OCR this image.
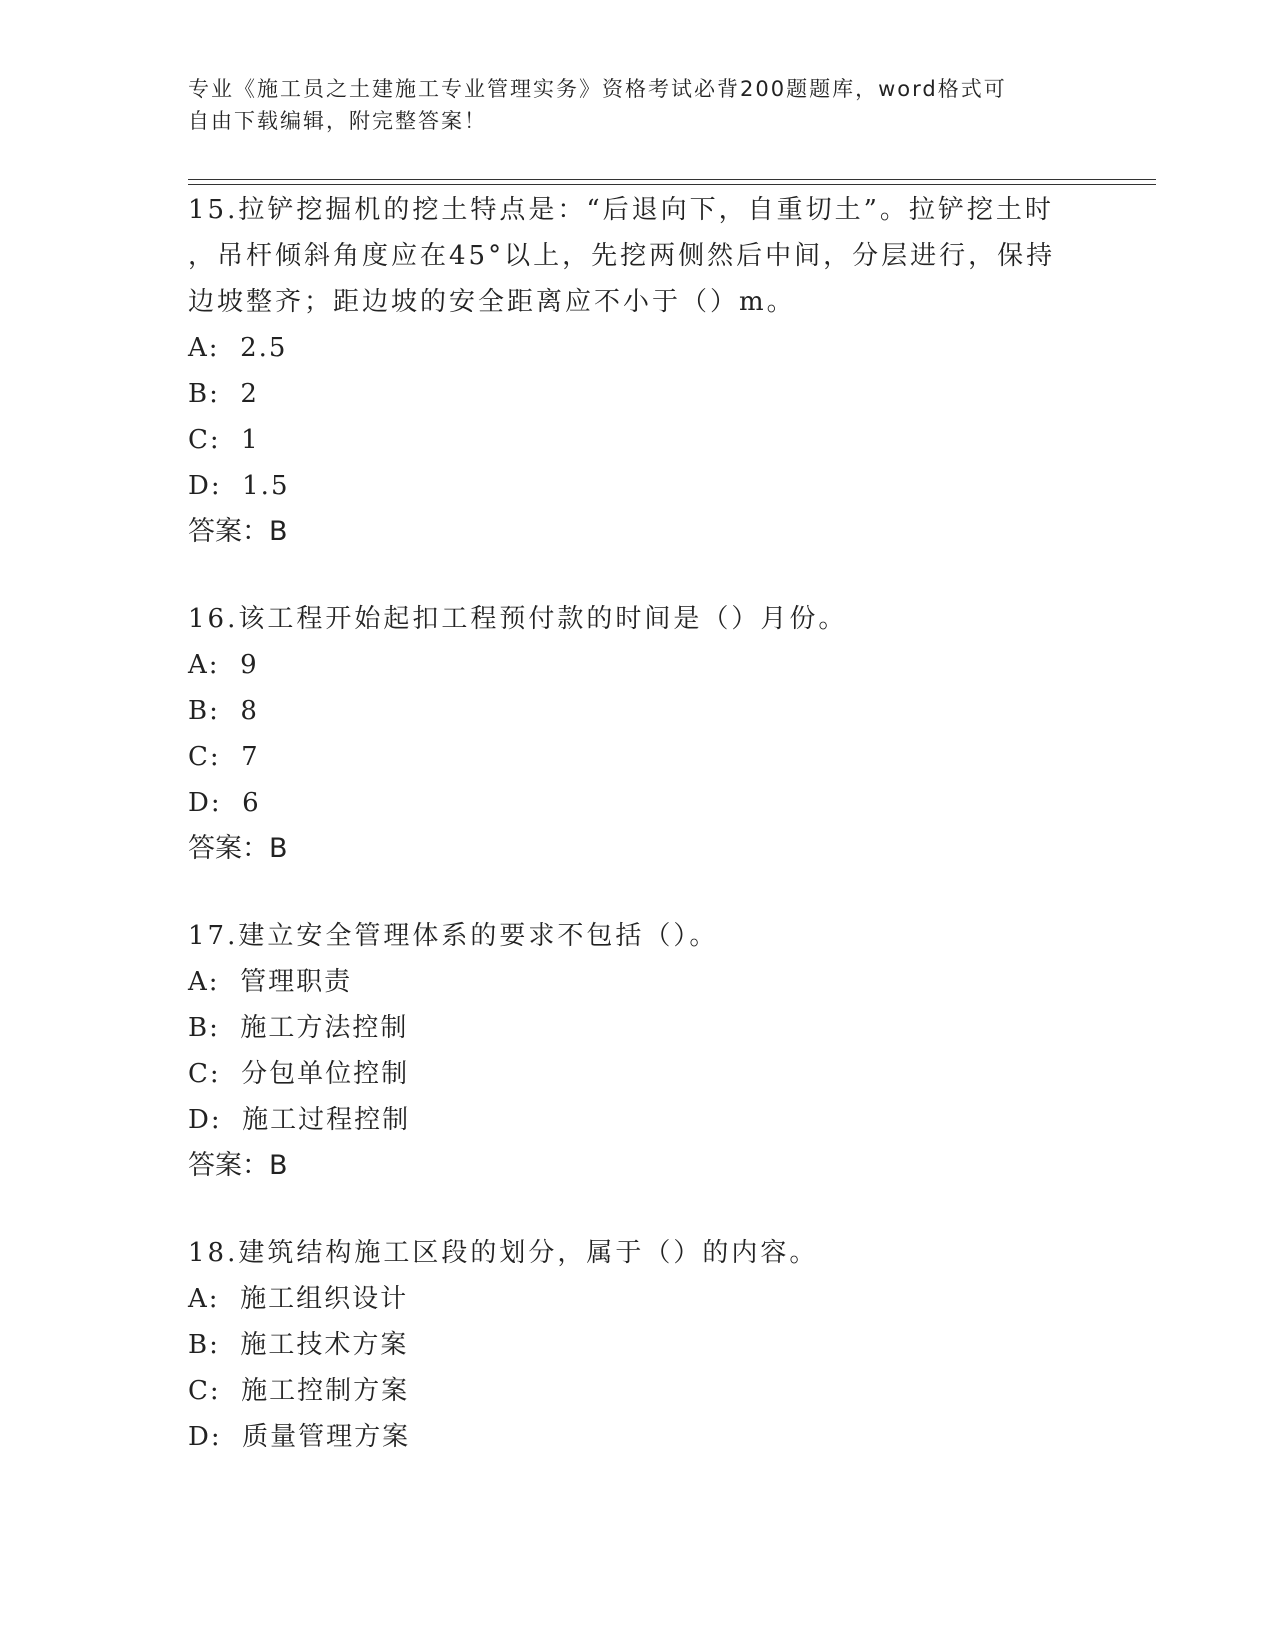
专业《施工员之土建施工专业管理实务》资格考试必背200题题库，word格式可
自由下载编辑，附完整答案！
15.拉铲挖掘机的挖土特点是：“后退向下，自重切土”。拉铲挖土时
，吊杆倾斜角度应在45°以上，先挖两侧然后中间，分层进行，保持
边坡整齐；距边坡的安全距离应不小于（）m。
A:  2.5
B:  2
C:  1
D:  1.5
答案：B
16.该工程开始起扣工程预付款的时间是（）月份。
A:  9
B:  8
C:  7
D:  6
答案：B
17.建立安全管理体系的要求不包括（）。
A:  管理职责
B:  施工方法控制
C:  分包单位控制
D:  施工过程控制
答案：B
18.建筑结构施工区段的划分，属于（）的内容。
A:  施工组织设计
B:  施工技术方案
C:  施工控制方案
D:  质量管理方案
